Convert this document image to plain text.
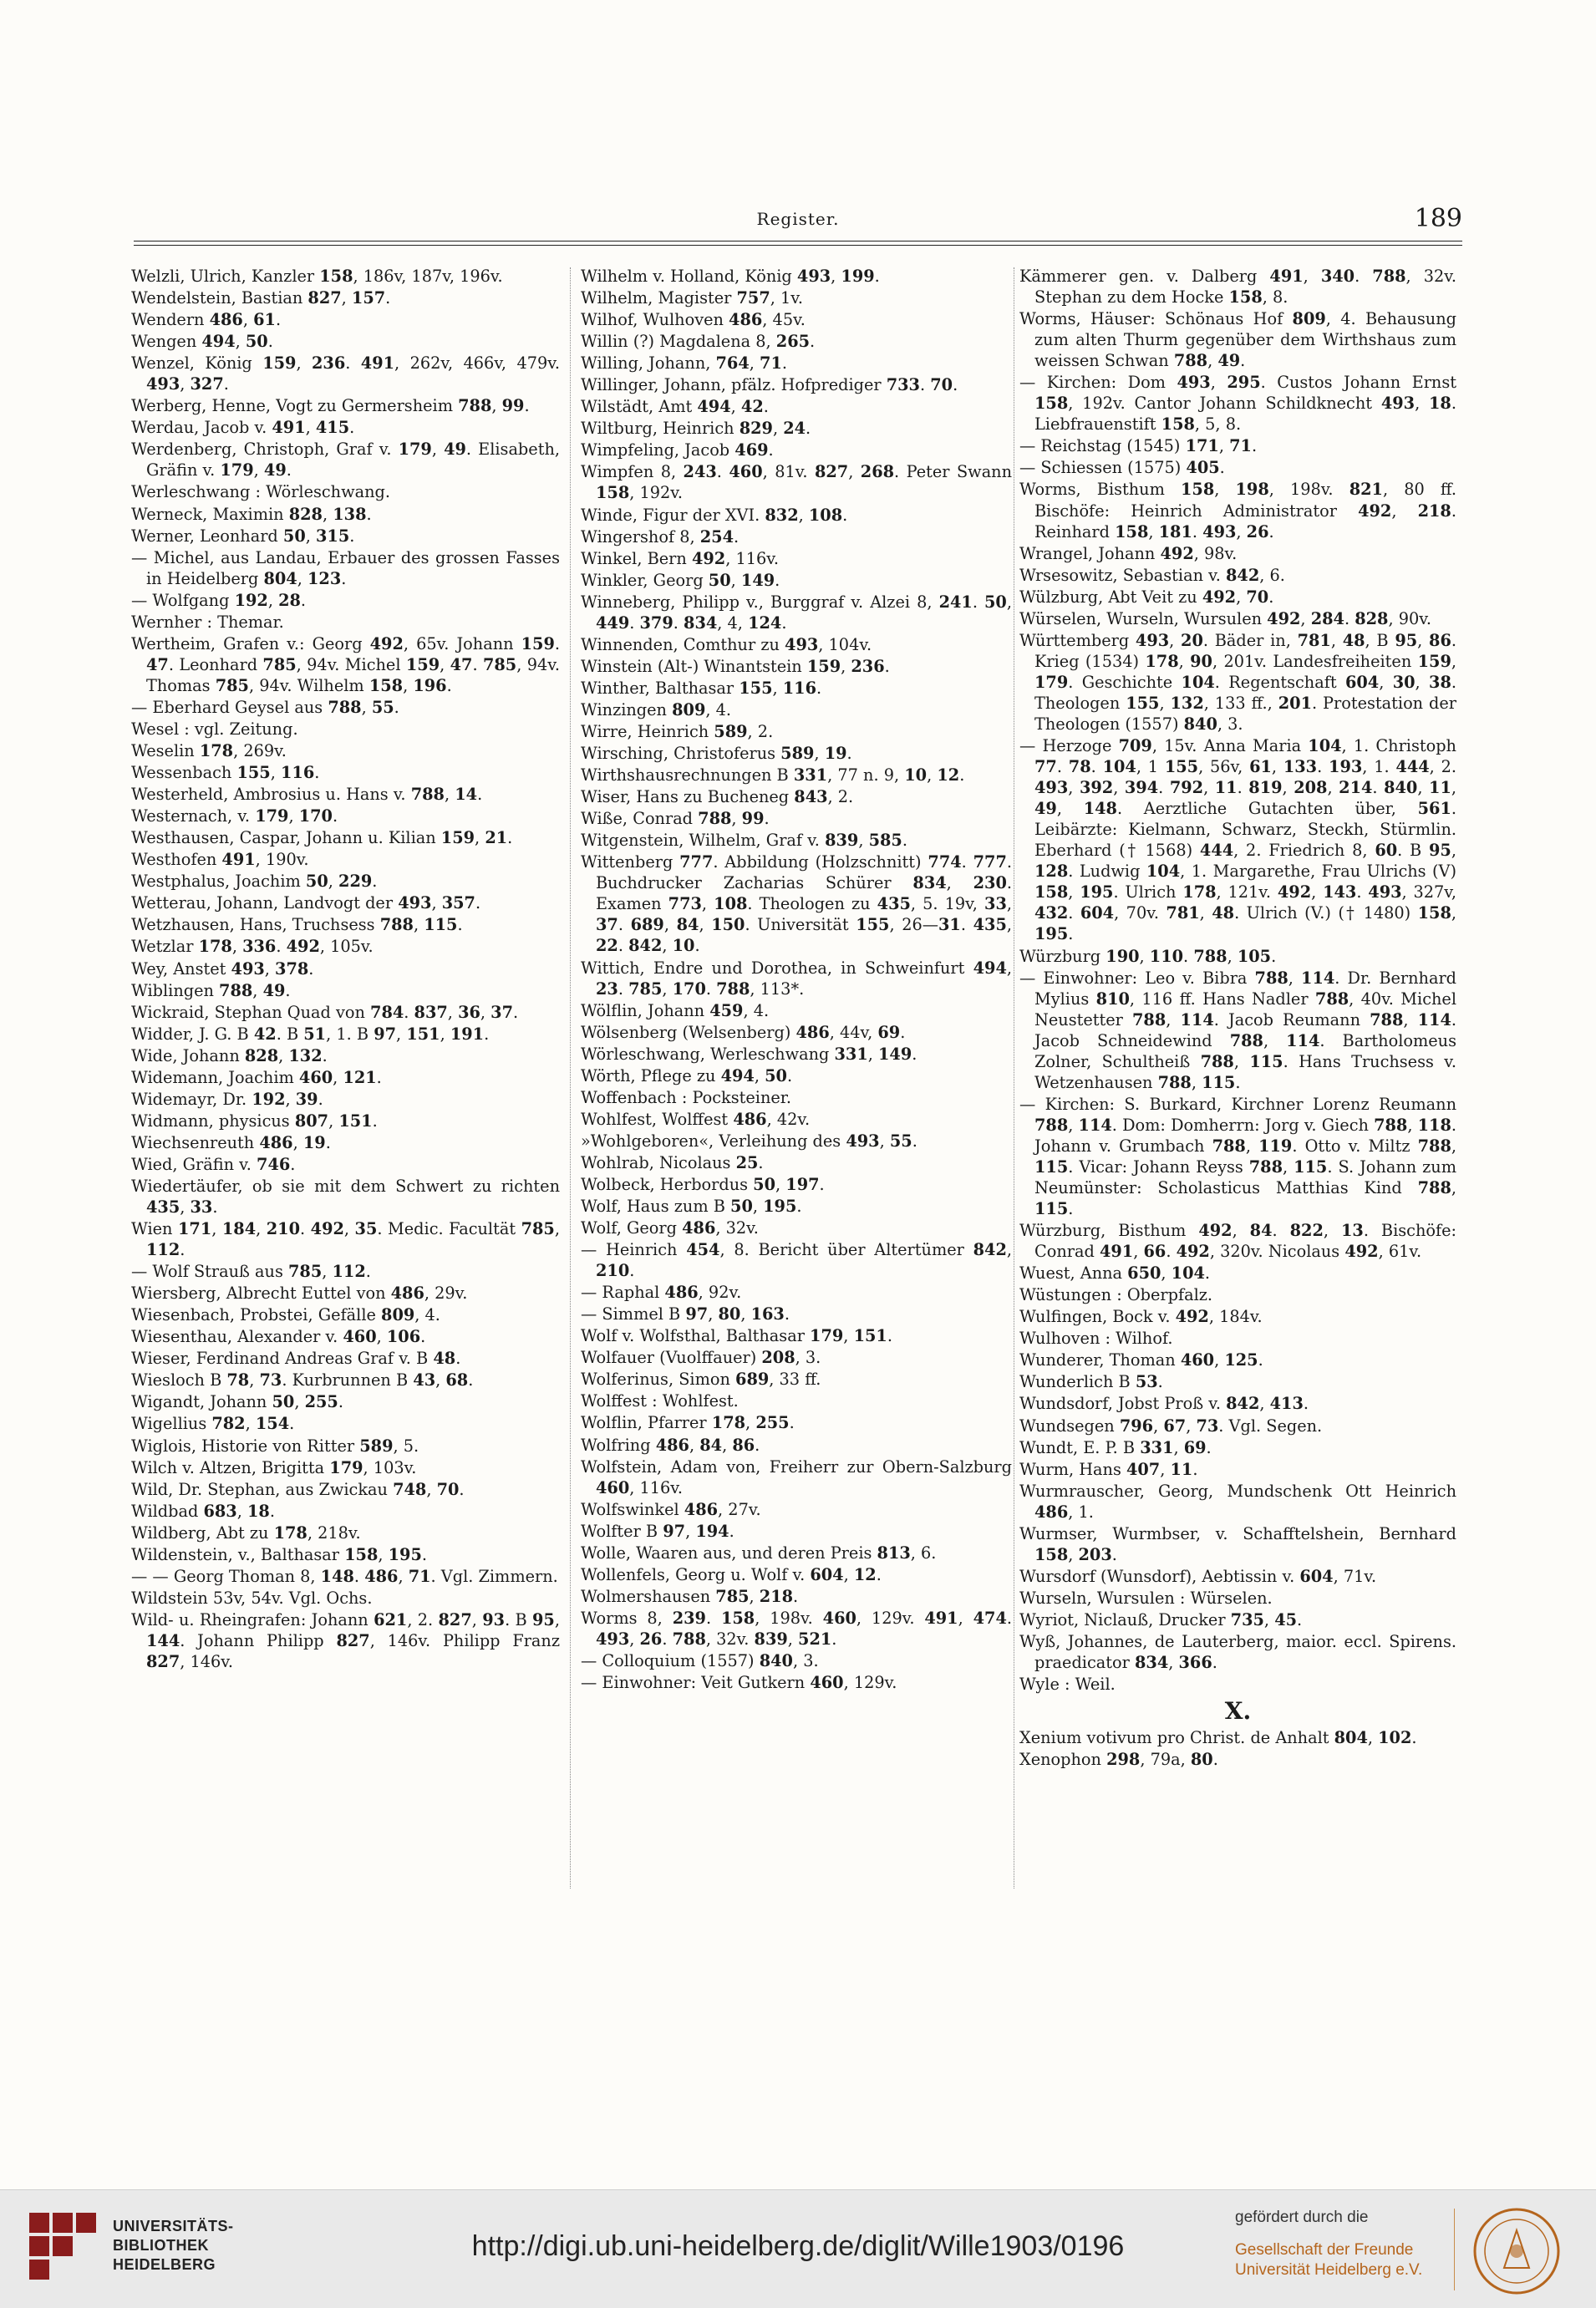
Register.	189
Welzli, Ulrich, Kanzler 158, 186v, 187v, 196v.
Wendelstein, Bastian 827, 157.
Wendern 486, 61.
Wengen 494, 50.
Wenzel, König 159, 236. 491, 262v, 466v, 479v. 493, 327.
Werberg, Henne, Vogt zu Germersheim 788, 99.
Werdau, Jacob v. 491, 415.
Werdenberg, Christoph, Graf v. 179, 49. Elisabeth, Gräfin v. 179, 49.
Werleschwang : Wörleschwang.
Werneck, Maximin 828, 138.
Werner, Leonhard 50, 315.
— Michel, aus Landau, Erbauer des grossen Fasses in Heidelberg 804, 123.
— Wolfgang 192, 28.
Wernher : Themar.
Wertheim, Grafen v.: Georg 492, 65v. Johann 159. 47. Leonhard 785, 94v. Michel 159, 47. 785, 94v. Thomas 785, 94v. Wilhelm 158, 196.
— Eberhard Geysel aus 788, 55.
Wesel : vgl. Zeitung.
Weselin 178, 269v.
Wessenbach 155, 116.
Westerheld, Ambrosius u. Hans v. 788, 14.
Westernach, v. 179, 170.
Westhausen, Caspar, Johann u. Kilian 159, 21.
Westhofen 491, 190v.
Westphalus, Joachim 50, 229.
Wetterau, Johann, Landvogt der 493, 357.
Wetzhausen, Hans, Truchsess 788, 115.
Wetzlar 178, 336. 492, 105v.
Wey, Anstet 493, 378.
Wiblingen 788, 49.
Wickraid, Stephan Quad von 784. 837, 36, 37.
Widder, J. G. B 42. B 51, 1. B 97, 151, 191.
Wide, Johann 828, 132.
Widemann, Joachim 460, 121.
Widemayr, Dr. 192, 39.
Widmann, physicus 807, 151.
Wiechsenreuth 486, 19.
Wied, Gräfin v. 746.
Wiedertäufer, ob sie mit dem Schwert zu richten 435, 33.
Wien 171, 184, 210. 492, 35. Medic. Facultät 785, 112.
— Wolf Strauß aus 785, 112.
Wiersberg, Albrecht Euttel von 486, 29v.
Wiesenbach, Probstei, Gefälle 809, 4.
Wiesenthau, Alexander v. 460, 106.
Wieser, Ferdinand Andreas Graf v. B 48.
Wiesloch B 78, 73. Kurbrunnen B 43, 68.
Wigandt, Johann 50, 255.
Wigellius 782, 154.
Wiglois, Historie von Ritter 589, 5.
Wilch v. Altzen, Brigitta 179, 103v.
Wild, Dr. Stephan, aus Zwickau 748, 70.
Wildbad 683, 18.
Wildberg, Abt zu 178, 218v.
Wildenstein, v., Balthasar 158, 195.
— — Georg Thoman 8, 148. 486, 71. Vgl. Zimmern.
Wildstein 53v, 54v. Vgl. Ochs.
Wild- u. Rheingrafen: Johann 621, 2. 827, 93. B 95, 144. Johann Philipp 827, 146v. Philipp Franz 827, 146v.
Wilhelm v. Holland, König 493, 199.
Wilhelm, Magister 757, 1v.
Wilhof, Wulhoven 486, 45v.
Willin (?) Magdalena 8, 265.
Willing, Johann, 764, 71.
Willinger, Johann, pfälz. Hofprediger 733. 70.
Wilstädt, Amt 494, 42.
Wiltburg, Heinrich 829, 24.
Wimpfeling, Jacob 469.
Wimpfen 8, 243. 460, 81v. 827, 268. Peter Swann 158, 192v.
Winde, Figur der XVI. 832, 108.
Wingershof 8, 254.
Winkel, Bern 492, 116v.
Winkler, Georg 50, 149.
Winneberg, Philipp v., Burggraf v. Alzei 8, 241. 50, 449. 379. 834, 4, 124.
Winnenden, Comthur zu 493, 104v.
Winstein (Alt-) Winantstein 159, 236.
Winther, Balthasar 155, 116.
Winzingen 809, 4.
Wirre, Heinrich 589, 2.
Wirsching, Christoferus 589, 19.
Wirthshausrechnungen B 331, 77 n. 9, 10, 12.
Wiser, Hans zu Bucheneg 843, 2.
Wiße, Conrad 788, 99.
Witgenstein, Wilhelm, Graf v. 839, 585.
Wittenberg 777. Abbildung (Holzschnitt) 774. 777. Buchdrucker Zacharias Schürer 834, 230. Examen 773, 108. Theologen zu 435, 5. 19v, 33, 37. 689, 84, 150. Universität 155, 26—31. 435, 22. 842, 10.
Wittich, Endre und Dorothea, in Schweinfurt 494, 23. 785, 170. 788, 113*.
Wölflin, Johann 459, 4.
Wölsenberg (Welsenberg) 486, 44v, 69.
Wörleschwang, Werleschwang 331, 149.
Wörth, Pflege zu 494, 50.
Woffenbach : Pocksteiner.
Wohlfest, Wolffest 486, 42v.
»Wohlgeboren«, Verleihung des 493, 55.
Wohlrab, Nicolaus 25.
Wolbeck, Herbordus 50, 197.
Wolf, Haus zum B 50, 195.
Wolf, Georg 486, 32v.
— Heinrich 454, 8. Bericht über Altertümer 842, 210.
— Raphal 486, 92v.
— Simmel B 97, 80, 163.
Wolf v. Wolfsthal, Balthasar 179, 151.
Wolfauer (Vuolffauer) 208, 3.
Wolferinus, Simon 689, 33 ff.
Wolffest : Wohlfest.
Wolflin, Pfarrer 178, 255.
Wolfring 486, 84, 86.
Wolfstein, Adam von, Freiherr zur Obern-Salzburg 460, 116v.
Wolfswinkel 486, 27v.
Wolfter B 97, 194.
Wolle, Waaren aus, und deren Preis 813, 6.
Wollenfels, Georg u. Wolf v. 604, 12.
Wolmershausen 785, 218.
Worms 8, 239. 158, 198v. 460, 129v. 491, 474. 493, 26. 788, 32v. 839, 521.
— Colloquium (1557) 840, 3.
— Einwohner: Veit Gutkern 460, 129v.
Kämmerer gen. v. Dalberg 491, 340. 788, 32v. Stephan zu dem Hocke 158, 8.
Worms, Häuser: Schönaus Hof 809, 4. Behausung zum alten Thurm gegenüber dem Wirthshaus zum weissen Schwan 788, 49.
— Kirchen: Dom 493, 295. Custos Johann Ernst 158, 192v. Cantor Johann Schildknecht 493, 18. Liebfrauenstift 158, 5, 8.
— Reichstag (1545) 171, 71.
— Schiessen (1575) 405.
Worms, Bisthum 158, 198, 198v. 821, 80 ff. Bischöfe: Heinrich Administrator 492, 218. Reinhard 158, 181. 493, 26.
Wrangel, Johann 492, 98v.
Wrsesowitz, Sebastian v. 842, 6.
Wülzburg, Abt Veit zu 492, 70.
Würselen, Wurseln, Wursulen 492, 284. 828, 90v.
Württemberg 493, 20. Bäder in, 781, 48, B 95, 86. Krieg (1534) 178, 90, 201v. Landesfreiheiten 159, 179. Geschichte 104. Regentschaft 604, 30, 38. Theologen 155, 132, 133 ff., 201. Protestation der Theologen (1557) 840, 3.
— Herzoge 709, 15v. Anna Maria 104, 1. Christoph 77. 78. 104, 1 155, 56v, 61, 133. 193, 1. 444, 2. 493, 392, 394. 792, 11. 819, 208, 214. 840, 11, 49, 148. Aerztliche Gutachten über, 561. Leibärzte: Kielmann, Schwarz, Steckh, Stürmlin. Eberhard († 1568) 444, 2. Friedrich 8, 60. B 95, 128. Ludwig 104, 1. Margarethe, Frau Ulrichs (V) 158, 195. Ulrich 178, 121v. 492, 143. 493, 327v, 432. 604, 70v. 781, 48. Ulrich (V.) († 1480) 158, 195.
Würzburg 190, 110. 788, 105.
— Einwohner: Leo v. Bibra 788, 114. Dr. Bernhard Mylius 810, 116 ff. Hans Nadler 788, 40v. Michel Neustetter 788, 114. Jacob Reumann 788, 114. Jacob Schneidewind 788, 114. Bartholomeus Zolner, Schultheiß 788, 115. Hans Truchsess v. Wetzenhausen 788, 115.
— Kirchen: S. Burkard, Kirchner Lorenz Reumann 788, 114. Dom: Domherrn: Jorg v. Giech 788, 118. Johann v. Grumbach 788, 119. Otto v. Miltz 788, 115. Vicar: Johann Reyss 788, 115. S. Johann zum Neumünster: Scholasticus Matthias Kind 788, 115.
Würzburg, Bisthum 492, 84. 822, 13. Bischöfe: Conrad 491, 66. 492, 320v. Nicolaus 492, 61v.
Wuest, Anna 650, 104.
Wüstungen : Oberpfalz.
Wulfingen, Bock v. 492, 184v.
Wulhoven : Wilhof.
Wunderer, Thoman 460, 125.
Wunderlich B 53.
Wundsdorf, Jobst Proß v. 842, 413.
Wundsegen 796, 67, 73. Vgl. Segen.
Wundt, E. P. B 331, 69.
Wurm, Hans 407, 11.
Wurmrauscher, Georg, Mundschenk Ott Heinrich 486, 1.
Wurmser, Wurmbser, v. Schafftelshein, Bernhard 158, 203.
Wursdorf (Wunsdorf), Aebtissin v. 604, 71v.
Wurseln, Wursulen : Würselen.
Wyriot, Niclauß, Drucker 735, 45.
Wyß, Johannes, de Lauterberg, maior. eccl. Spirens. praedicator 834, 366.
Wyle : Weil.
X.
Xenium votivum pro Christ. de Anhalt 804, 102.
Xenophon 298, 79a, 80.
UNIVERSITÄTS-
BIBLIOTHEK
HEIDELBERG
http://digi.ub.uni-heidelberg.de/diglit/Wille1903/0196
gefördert durch die
Gesellschaft der Freunde
Universität Heidelberg e.V.
